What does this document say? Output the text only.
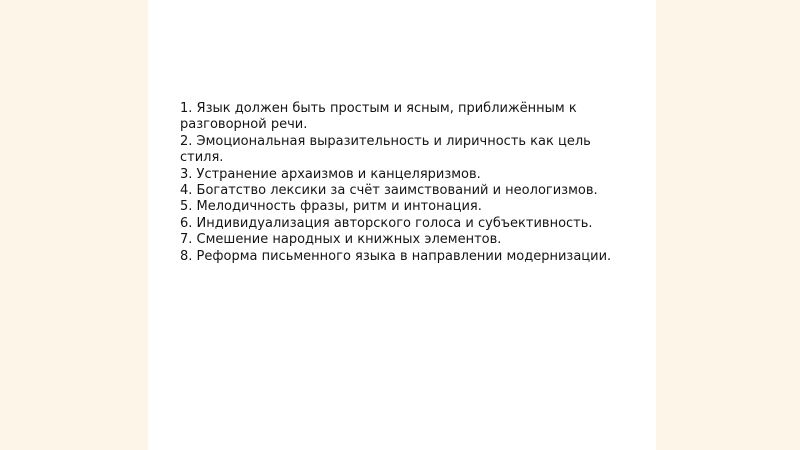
1. Язык должен быть простым и ясным, приближённым к разговорной речи.
2. Эмоциональная выразительность и лиричность как цель стиля.
3. Устранение архаизмов и канцеляризмов.
4. Богатство лексики за счёт заимствований и неологизмов.
5. Мелодичность фразы, ритм и интонация.
6. Индивидуализация авторского голоса и субъективность.
7. Смешение народных и книжных элементов.
8. Реформа письменного языка в направлении модернизации.
